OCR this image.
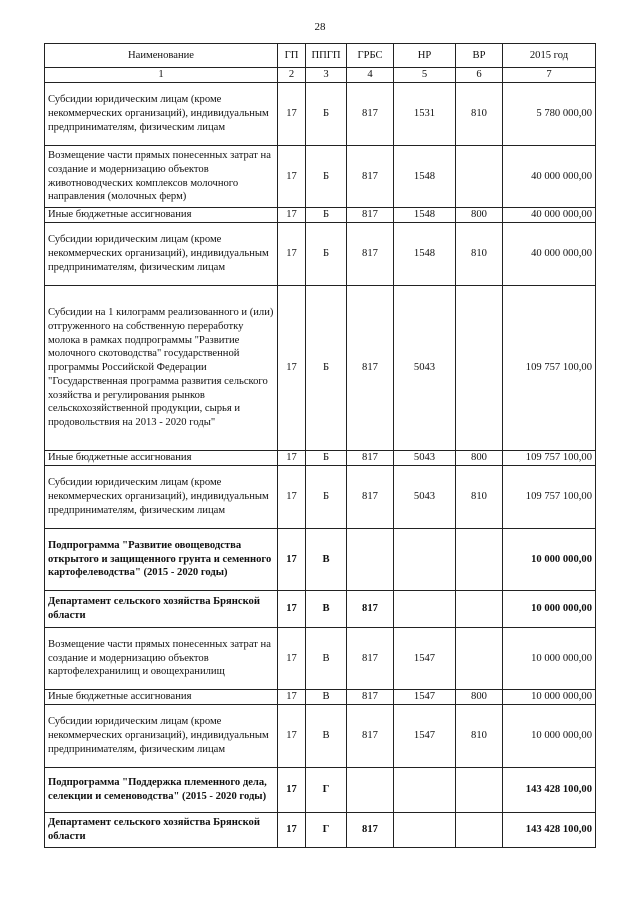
28
Наименование	ГП	ППГП	ГРБС	НР	ВР	2015 год
1	2	3	4	5	6	7
Субсидии юридическим лицам (кроме некоммерческих организаций), индивидуальным предпринимателям, физическим лицам	17	Б	817	1531	810	5 780 000,00
Возмещение части прямых понесенных затрат на создание и модернизацию объектов животноводческих комплексов молочного направления (молочных ферм)	17	Б	817	1548		40 000 000,00
Иные бюджетные ассигнования	17	Б	817	1548	800	40 000 000,00
Субсидии юридическим лицам (кроме некоммерческих организаций), индивидуальным предпринимателям, физическим лицам	17	Б	817	1548	810	40 000 000,00
Субсидии на 1 килограмм реализованного и (или) отгруженного на собственную переработку молока в рамках подпрограммы "Развитие молочного скотоводства" государственной программы Российской Федерации "Государственная программа развития сельского хозяйства и регулирования рынков сельскохозяйственной продукции, сырья и продовольствия на 2013 - 2020 годы"	17	Б	817	5043		109 757 100,00
Иные бюджетные ассигнования	17	Б	817	5043	800	109 757 100,00
Субсидии юридическим лицам (кроме некоммерческих организаций), индивидуальным предпринимателям, физическим лицам	17	Б	817	5043	810	109 757 100,00
Подпрограмма "Развитие овощеводства открытого и защищенного грунта и семенного картофелеводства" (2015 - 2020 годы)	17	В				10 000 000,00
Департамент сельского хозяйства Брянской области	17	В	817			10 000 000,00
Возмещение части прямых понесенных затрат на создание и модернизацию объектов картофелехранилищ и овощехранилищ	17	В	817	1547		10 000 000,00
Иные бюджетные ассигнования	17	В	817	1547	800	10 000 000,00
Субсидии юридическим лицам (кроме некоммерческих организаций), индивидуальным предпринимателям, физическим лицам	17	В	817	1547	810	10 000 000,00
Подпрограмма "Поддержка племенного дела, селекции и семеноводства" (2015 - 2020 годы)	17	Г				143 428 100,00
Департамент сельского хозяйства Брянской области	17	Г	817			143 428 100,00
